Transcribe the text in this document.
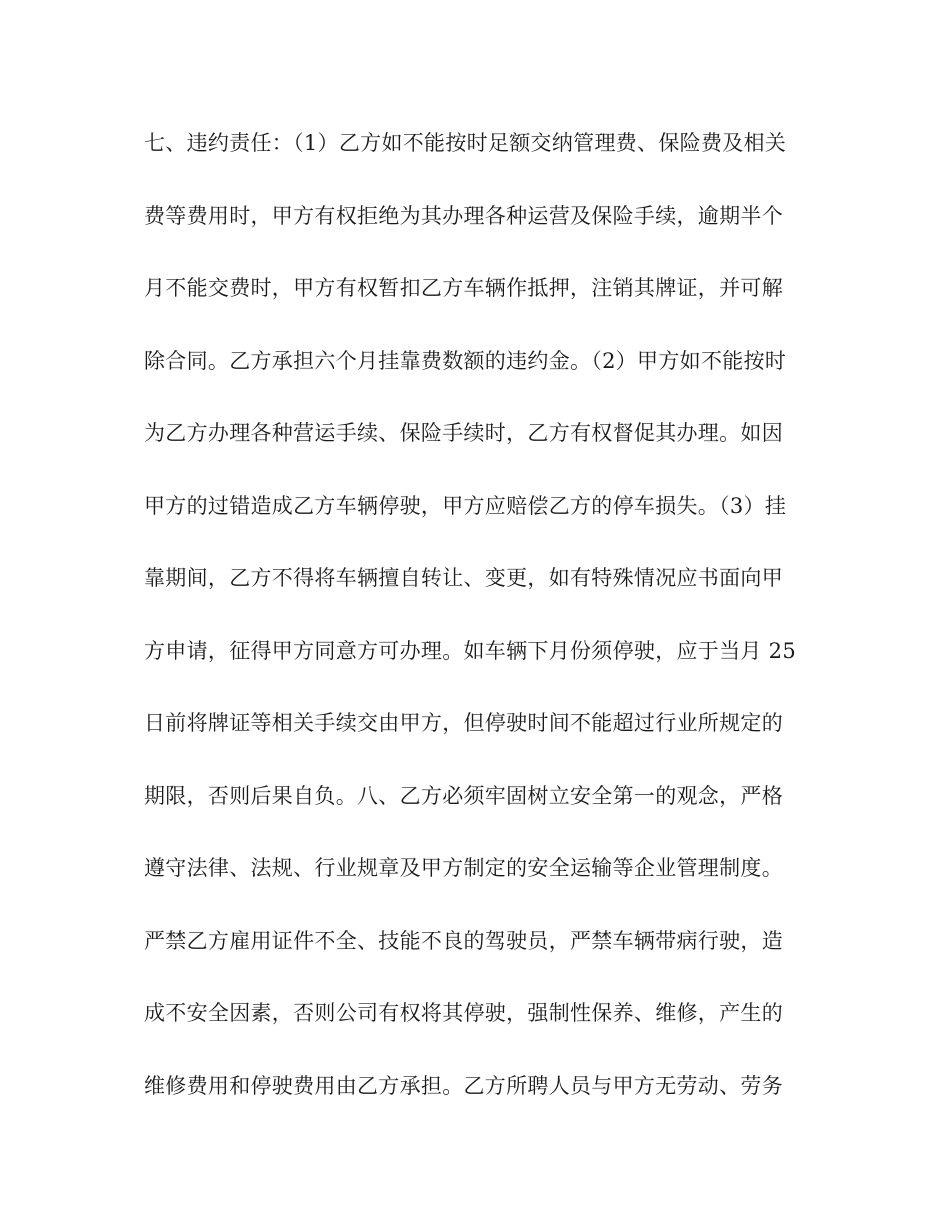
七、违约责任：（1）乙方如不能按时足额交纳管理费、保险费及相关
费等费用时，甲方有权拒绝为其办理各种运营及保险手续，逾期半个
月不能交费时，甲方有权暂扣乙方车辆作抵押，注销其牌证，并可解
除合同。乙方承担六个月挂靠费数额的违约金。（2）甲方如不能按时
为乙方办理各种营运手续、保险手续时，乙方有权督促其办理。如因
甲方的过错造成乙方车辆停驶，甲方应赔偿乙方的停车损失。（3）挂
靠期间，乙方不得将车辆擅自转让、变更，如有特殊情况应书面向甲
方申请，征得甲方同意方可办理。如车辆下月份须停驶，应于当月 25
日前将牌证等相关手续交由甲方，但停驶时间不能超过行业所规定的
期限，否则后果自负。八、乙方必须牢固树立安全第一的观念，严格
遵守法律、法规、行业规章及甲方制定的安全运输等企业管理制度。
严禁乙方雇用证件不全、技能不良的驾驶员，严禁车辆带病行驶，造
成不安全因素，否则公司有权将其停驶，强制性保养、维修，产生的
维修费用和停驶费用由乙方承担。乙方所聘人员与甲方无劳动、劳务
